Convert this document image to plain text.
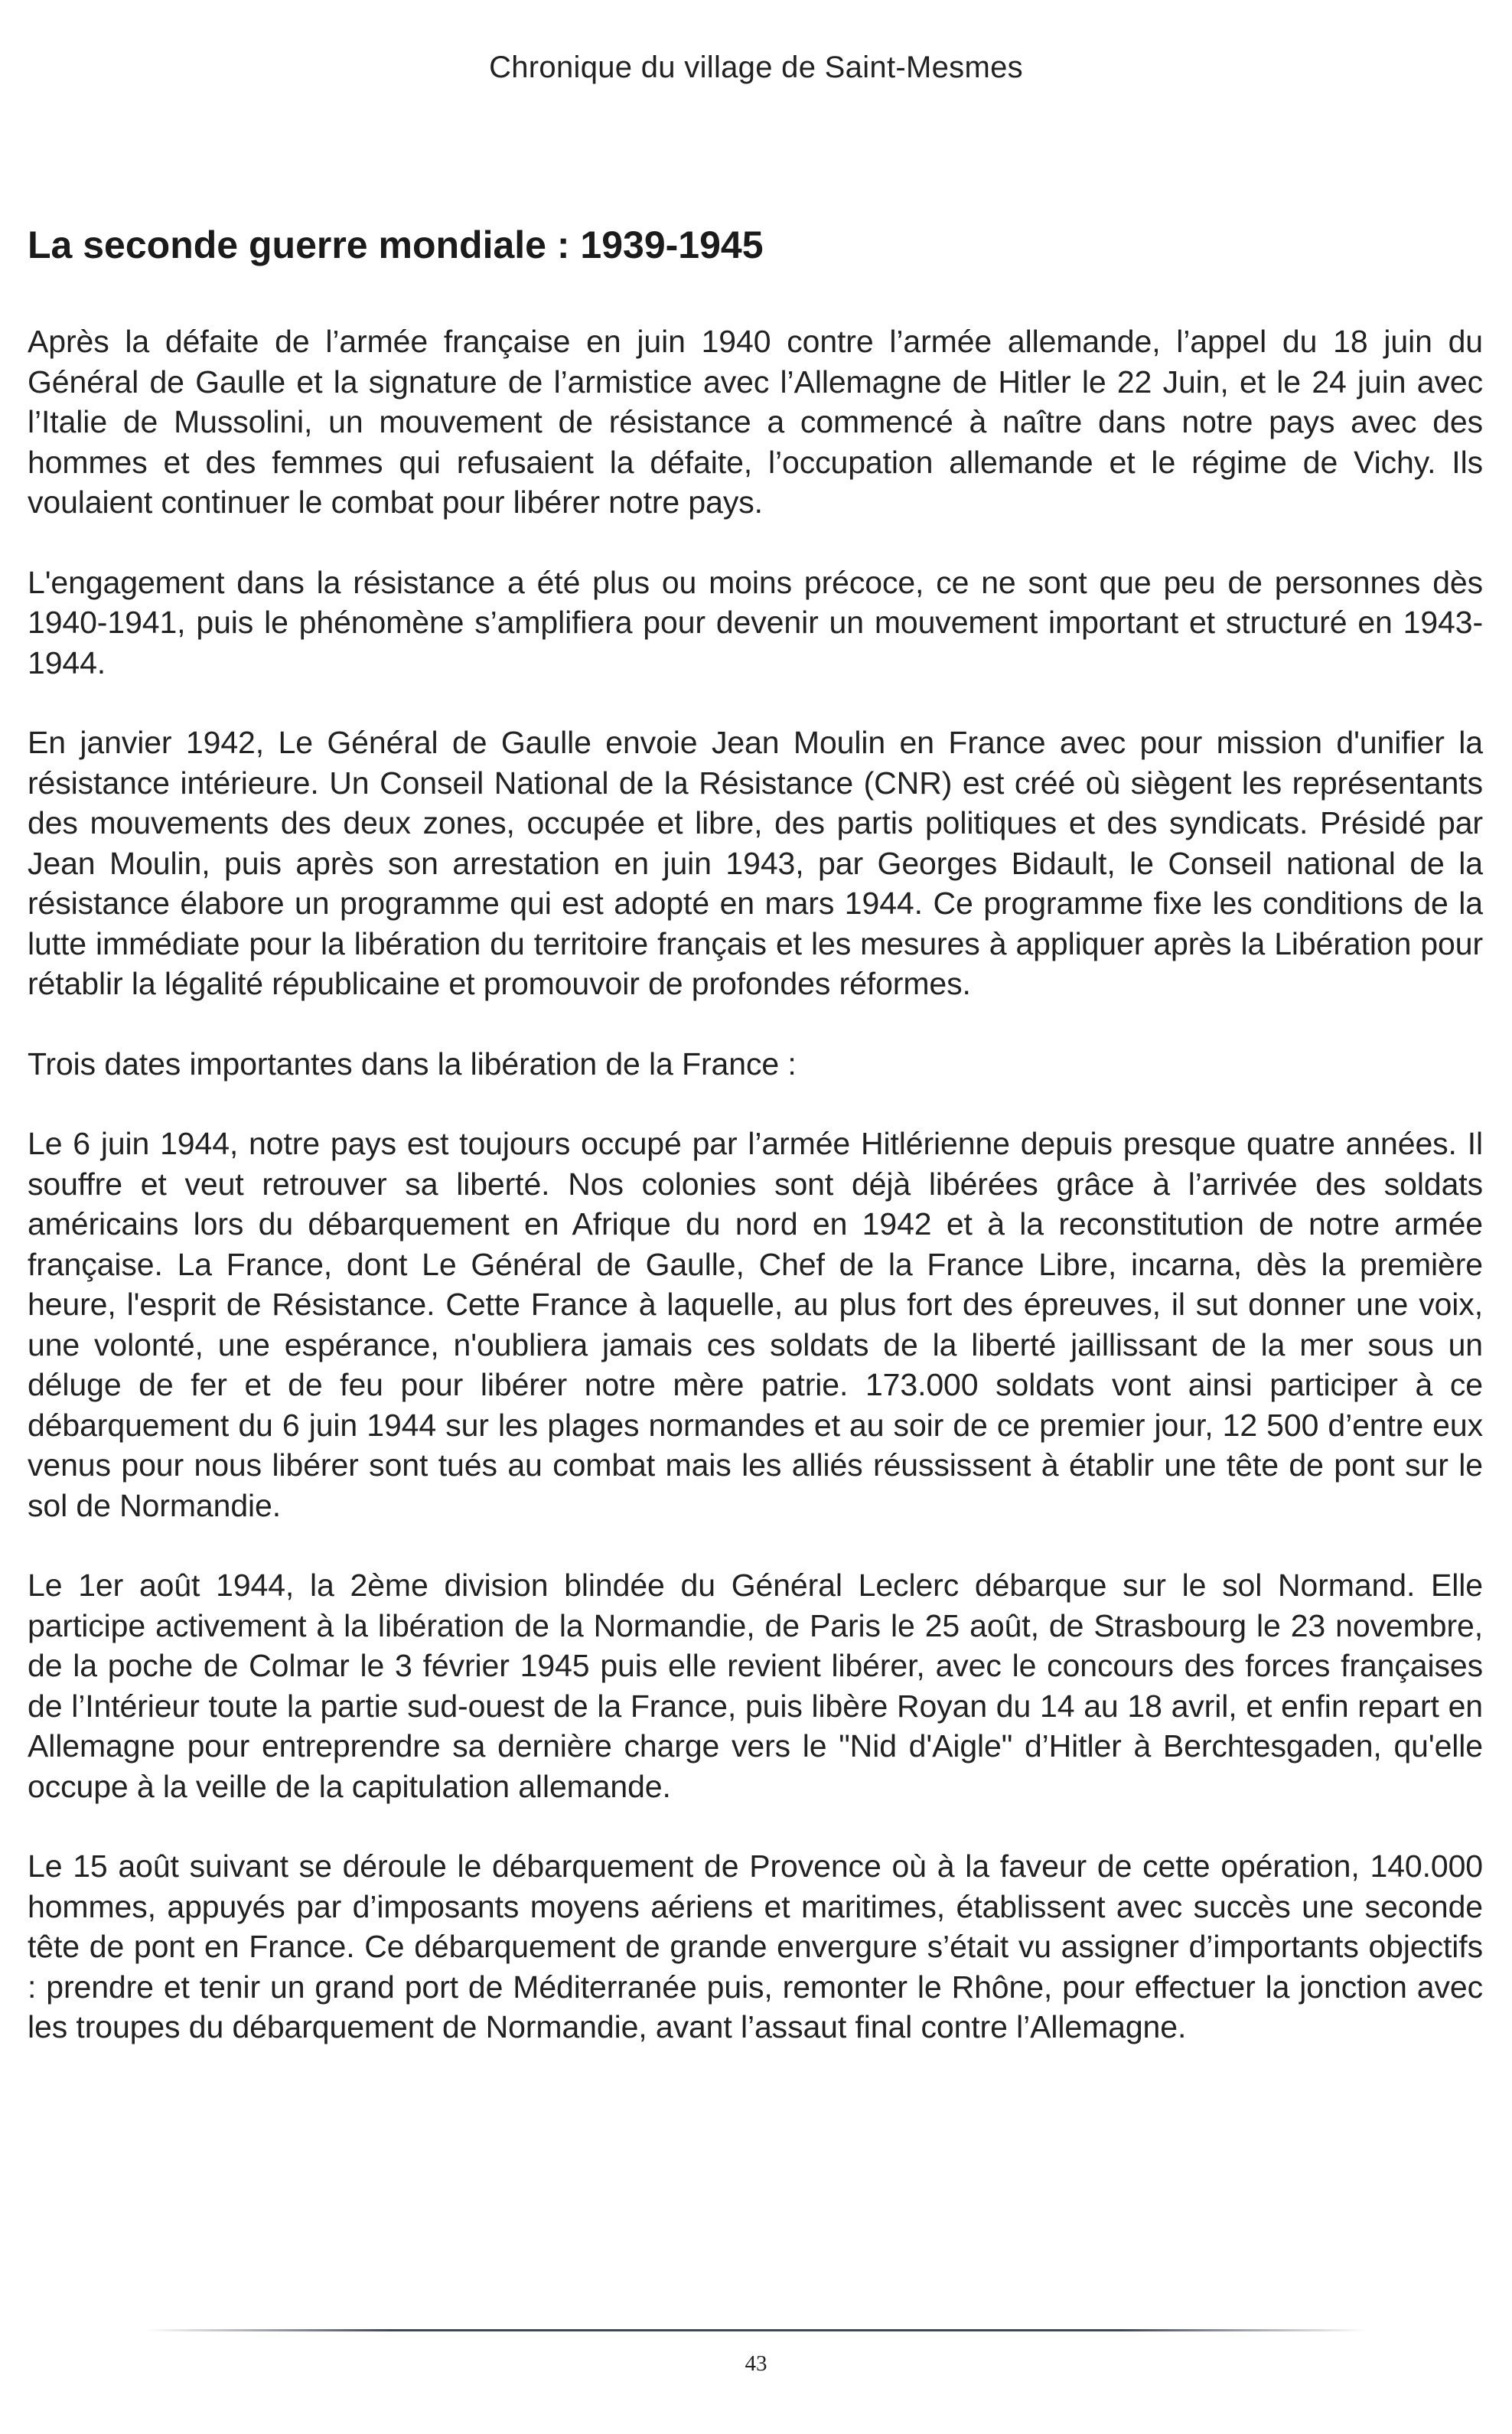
Chronique du village de Saint-Mesmes
La seconde guerre mondiale : 1939-1945

Après la défaite de l’armée française en juin 1940 contre l’armée allemande, l’appel du 18 juin du Général de Gaulle et la signature de l’armistice avec l’Allemagne de Hitler le 22 Juin, et le 24 juin avec l’Italie de Mussolini, un mouvement de résistance a commencé à naître dans notre pays avec des hommes et des femmes qui refusaient la défaite, l’occupation allemande et le régime de Vichy. Ils voulaient continuer le combat pour libérer notre pays.

L'engagement dans la résistance a été plus ou moins précoce, ce ne sont que peu de personnes dès 1940-1941, puis le phénomène s’amplifiera pour devenir un mouvement important et structuré en 1943-1944.

En janvier 1942, Le Général de Gaulle envoie Jean Moulin en France avec pour mission d'unifier la résistance intérieure. Un Conseil National de la Résistance (CNR) est créé où siègent les représentants des mouvements des deux zones, occupée et libre, des partis politiques et des syndicats. Présidé par Jean Moulin, puis après son arrestation en juin 1943, par Georges Bidault, le Conseil national de la résistance élabore un programme qui est adopté en mars 1944. Ce programme fixe les conditions de la lutte immédiate pour la libération du territoire français et les mesures à appliquer après la Libération pour rétablir la légalité républicaine et promouvoir de profondes réformes.

Trois dates importantes dans la libération de la France :

Le 6 juin 1944, notre pays est toujours occupé par l’armée Hitlérienne depuis presque quatre années. Il souffre et veut retrouver sa liberté. Nos colonies sont déjà libérées grâce à l’arrivée des soldats américains lors du débarquement en Afrique du nord en 1942 et à la reconstitution de notre armée française. La France, dont Le Général de Gaulle, Chef de la France Libre, incarna, dès la première heure, l'esprit de Résistance. Cette France à laquelle, au plus fort des épreuves, il sut donner une voix, une volonté, une espérance, n'oubliera jamais ces soldats de la liberté jaillissant de la mer sous un déluge de fer et de feu pour libérer notre mère patrie. 173.000 soldats vont ainsi participer à ce débarquement du 6 juin 1944 sur les plages normandes et au soir de ce premier jour, 12 500 d’entre eux venus pour nous libérer sont tués au combat mais les alliés réussissent à établir une tête de pont sur le sol de Normandie.

Le 1er août 1944, la 2ème division blindée du Général Leclerc débarque sur le sol Normand. Elle participe activement à la libération de la Normandie, de Paris le 25 août, de Strasbourg le 23 novembre, de la poche de Colmar le 3 février 1945 puis elle revient libérer, avec le concours des forces françaises de l’Intérieur toute la partie sud-ouest de la France, puis libère Royan du 14 au 18 avril, et enfin repart en Allemagne pour entreprendre sa dernière charge vers le "Nid d'Aigle" d’Hitler à Berchtesgaden, qu'elle occupe à la veille de la capitulation allemande.

Le 15 août suivant se déroule le débarquement de Provence où à la faveur de cette opération, 140.000 hommes, appuyés par d’imposants moyens aériens et maritimes, établissent avec succès une seconde tête de pont en France. Ce débarquement de grande envergure s’était vu assigner d’importants objectifs : prendre et tenir un grand port de Méditerranée puis, remonter le Rhône, pour effectuer la jonction avec les troupes du débarquement de Normandie, avant l’assaut final contre l’Allemagne.

43
